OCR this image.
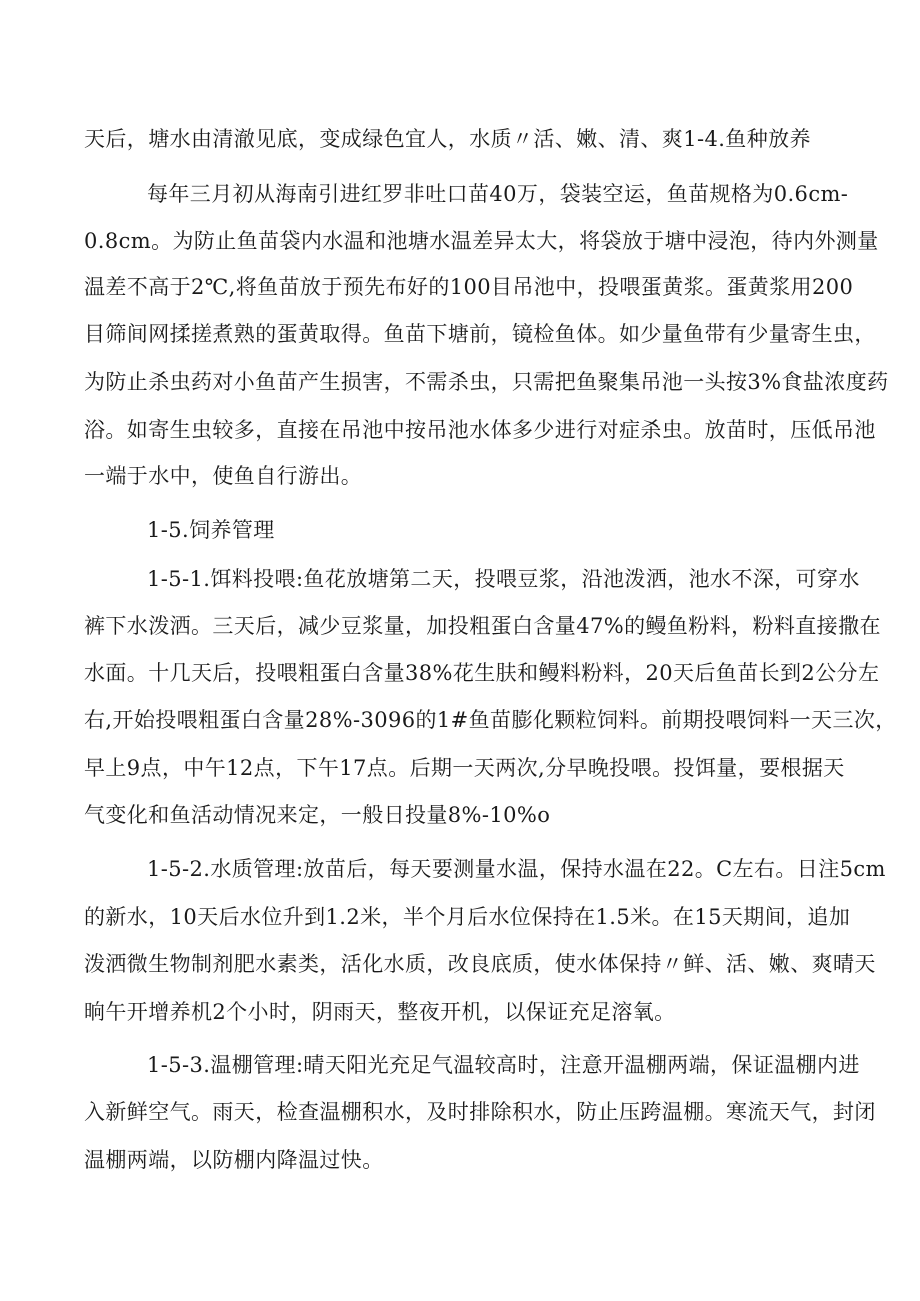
天后，塘水由清澈见底，变成绿色宜人，水质〃活、嫩、清、爽1-4.鱼种放养
每年三月初从海南引进红罗非吐口苗40万，袋装空运，鱼苗规格为0.6cm-
0.8cm。为防止鱼苗袋内水温和池塘水温差异太大，将袋放于塘中浸泡，待内外测量
温差不高于2℃,将鱼苗放于预先布好的100目吊池中，投喂蛋黄浆。蛋黄浆用200
目筛间网揉搓煮熟的蛋黄取得。鱼苗下塘前，镜检鱼体。如少量鱼带有少量寄生虫，
为防止杀虫药对小鱼苗产生损害，不需杀虫，只需把鱼聚集吊池一头按3%食盐浓度药
浴。如寄生虫较多，直接在吊池中按吊池水体多少进行对症杀虫。放苗时，压低吊池
一端于水中，使鱼自行游出。
1-5.饲养管理
1-5-1.饵料投喂:鱼花放塘第二天，投喂豆浆，沿池泼洒，池水不深，可穿水
裤下水泼洒。三天后，减少豆浆量，加投粗蛋白含量47%的鳗鱼粉料，粉料直接撒在
水面。十几天后，投喂粗蛋白含量38%花生肤和鳗料粉料，20天后鱼苗长到2公分左
右,开始投喂粗蛋白含量28%-3096的1#鱼苗膨化颗粒饲料。前期投喂饲料一天三次，
早上9点，中午12点，下午17点。后期一天两次,分早晚投喂。投饵量，要根据天
气变化和鱼活动情况来定，一般日投量8%-10%o
1-5-2.水质管理:放苗后，每天要测量水温，保持水温在22。C左右。日注5cm
的新水，10天后水位升到1.2米，半个月后水位保持在1.5米。在15天期间，追加
泼洒微生物制剂肥水素类，活化水质，改良底质，使水体保持〃鲜、活、嫩、爽晴天
晌午开增养机2个小时，阴雨天，整夜开机，以保证充足溶氧。
1-5-3.温棚管理:晴天阳光充足气温较高时，注意开温棚两端，保证温棚内进
入新鲜空气。雨天，检查温棚积水，及时排除积水，防止压跨温棚。寒流天气，封闭
温棚两端，以防棚内降温过快。
